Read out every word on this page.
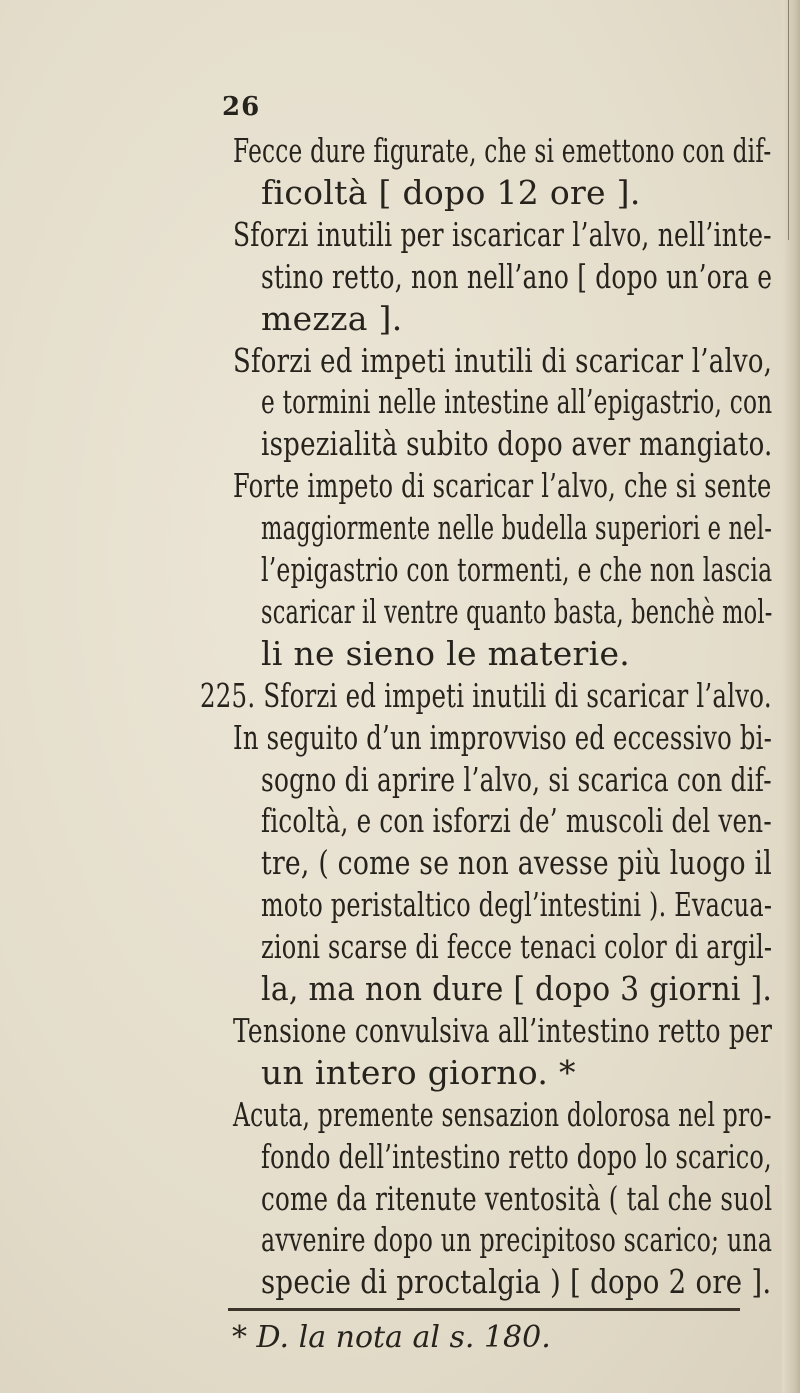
26
Fecce dure figurate, che si emettono con dif-
ficoltà [ dopo 12 ore ].
Sforzi inutili per iscaricar l’alvo, nell’inte-
stino retto, non nell’ano [ dopo un’ora e
mezza ].
Sforzi ed impeti inutili di scaricar l’alvo,
e tormini nelle intestine all’epigastrio, con
ispezialità subito dopo aver mangiato.
Forte impeto di scaricar l’alvo, che si sente
maggiormente nelle budella superiori e nel-
l’epigastrio con tormenti, e che non lascia
scaricar il ventre quanto basta, benchè mol-
li ne sieno le materie.
225. Sforzi ed impeti inutili di scaricar l’alvo.
In seguito d’un improvviso ed eccessivo bi-
sogno di aprire l’alvo, si scarica con dif-
ficoltà, e con isforzi de’ muscoli del ven-
tre, ( come se non avesse più luogo il
moto peristaltico degl’intestini ). Evacua-
zioni scarse di fecce tenaci color di argil-
la, ma non dure [ dopo 3 giorni ].
Tensione convulsiva all’intestino retto per
un intero giorno. *
Acuta, premente sensazion dolorosa nel pro-
fondo dell’intestino retto dopo lo scarico,
come da ritenute ventosità ( tal che suol
avvenire dopo un precipitoso scarico; una
specie di proctalgia ) [ dopo 2 ore ].
* D. la nota al s. 180.
